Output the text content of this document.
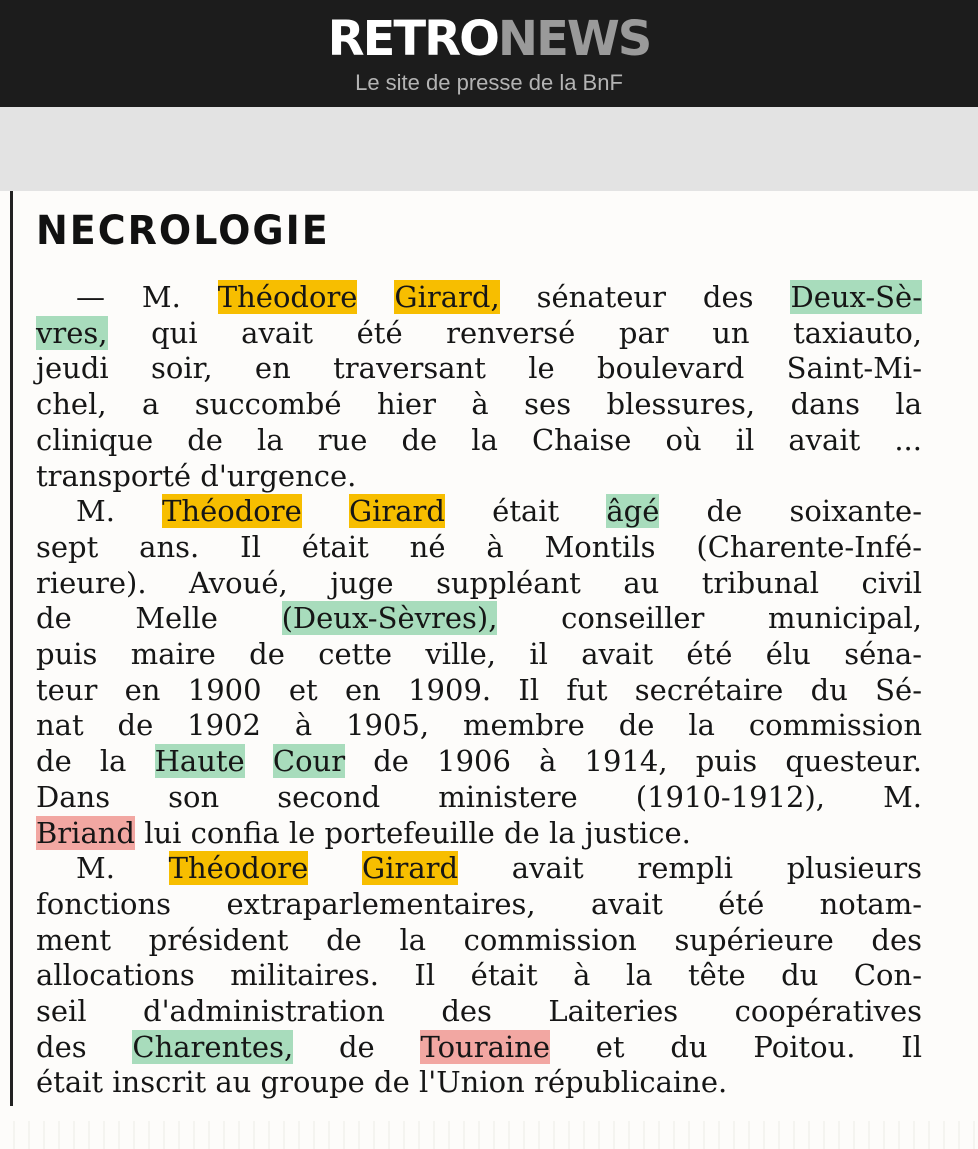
RETRONEWS
Le site de presse de la BnF
NECROLOGIE
— M. Théodore Girard, sénateur des Deux-Sè-
vres, qui avait été renversé par un taxiauto,
jeudi soir, en traversant le boulevard Saint-Mi-
chel, a succombé hier à ses blessures, dans la
clinique de la rue de la Chaise où il avait ...
transporté d'urgence.
M. Théodore Girard était âgé de soixante-
sept ans. Il était né à Montils (Charente-Infé-
rieure). Avoué, juge suppléant au tribunal civil
de Melle (Deux-Sèvres), conseiller municipal,
puis maire de cette ville, il avait été élu séna-
teur en 1900 et en 1909. Il fut secrétaire du Sé-
nat de 1902 à 1905, membre de la commission
de la Haute Cour de 1906 à 1914, puis questeur.
Dans son second ministere (1910-1912), M.
Briand lui confia le portefeuille de la justice.
M. Théodore Girard avait rempli plusieurs
fonctions extraparlementaires, avait été notam-
ment président de la commission supérieure des
allocations militaires. Il était à la tête du Con-
seil d'administration des Laiteries coopératives
des Charentes, de Touraine et du Poitou. Il
était inscrit au groupe de l'Union républicaine.
